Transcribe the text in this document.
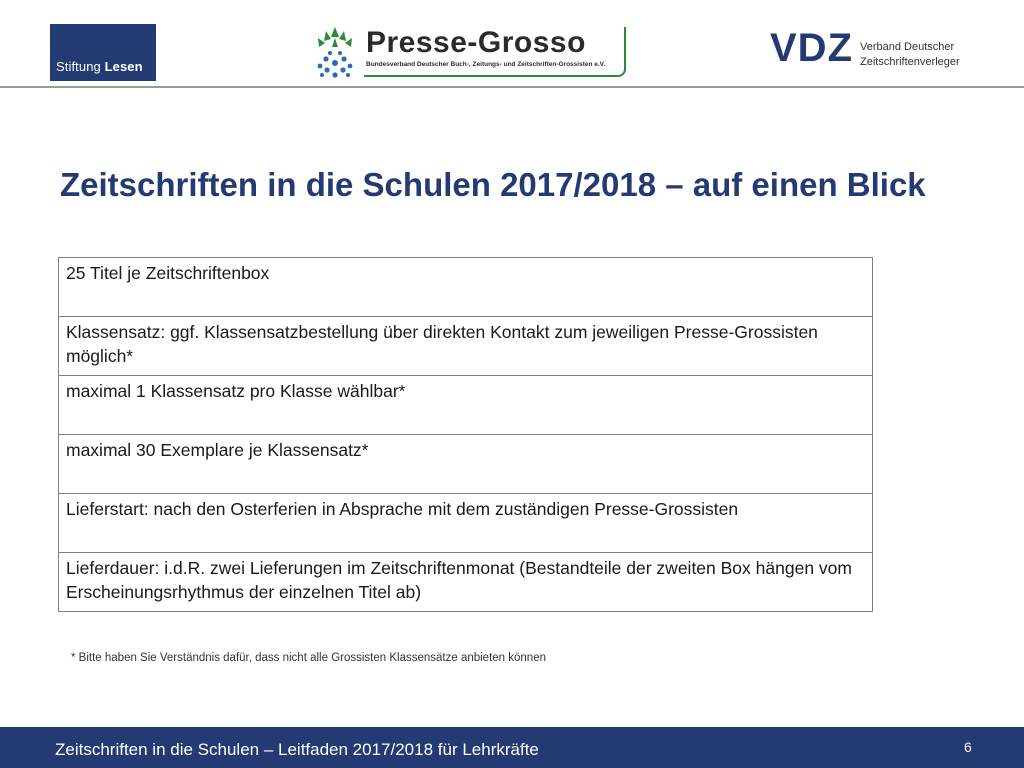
Stiftung Lesen
Presse-Grosso
Bundesverband Deutscher Buch-, Zeitungs- und Zeitschriften-Grossisten e.V.	VDZ Verband Deutscher
Zeitschriftenverleger
Zeitschriften in die Schulen 2017/2018 – auf einen Blick
25 Titel je Zeitschriftenbox
Klassensatz: ggf. Klassensatzbestellung über direkten Kontakt zum jeweiligen Presse-Grossisten möglich*
maximal 1 Klassensatz pro Klasse wählbar*
maximal 30 Exemplare je Klassensatz*
Lieferstart: nach den Osterferien in Absprache mit dem zuständigen Presse-Grossisten
Lieferdauer: i.d.R. zwei Lieferungen im Zeitschriftenmonat (Bestandteile der zweiten Box hängen vom Erscheinungsrhythmus der einzelnen Titel ab)
* Bitte haben Sie Verständnis dafür, dass nicht alle Grossisten Klassensätze anbieten können
Zeitschriften in die Schulen – Leitfaden 2017/2018 für Lehrkräfte	6
